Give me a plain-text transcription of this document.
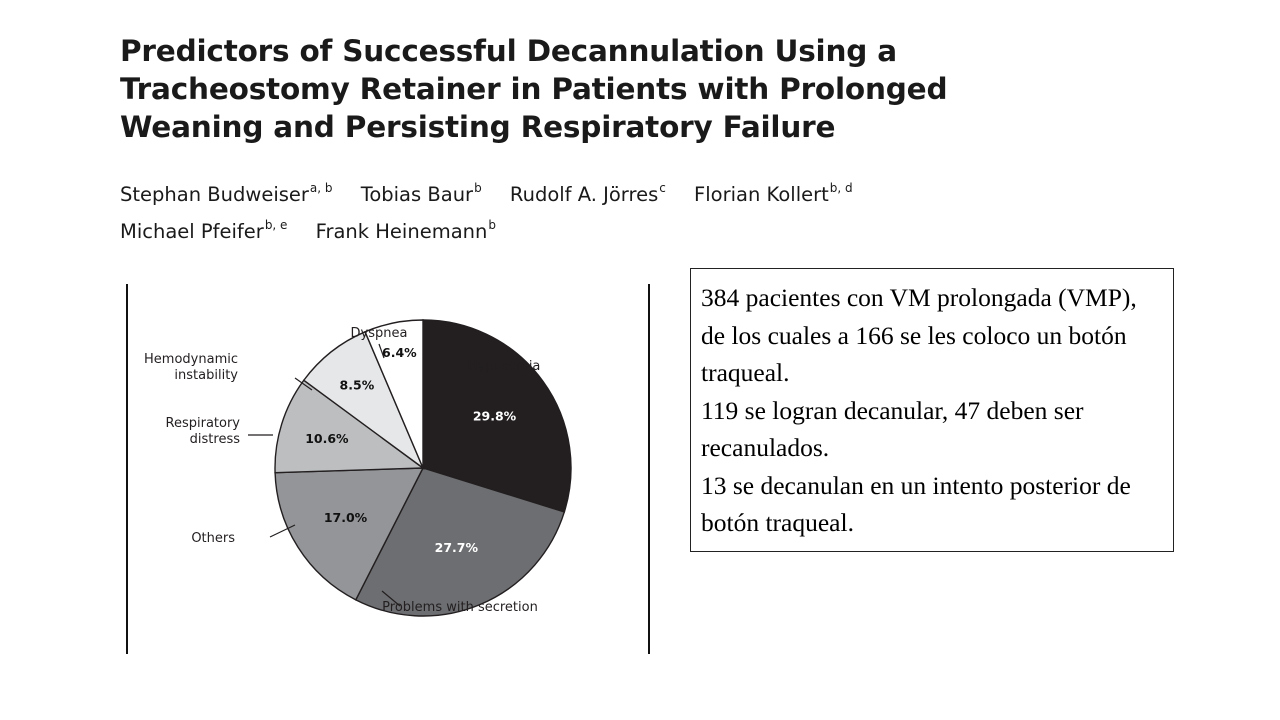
Predictors of Successful Decannulation Using a
Tracheostomy Retainer in Patients with Prolonged
Weaning and Persisting Respiratory Failure
Stephan Budweiser$^{a, b}$ Tobias Baur$^b$ Rudolf A. Jörres$^c$ Florian Kollert$^{b, d}$
Michael Pfeifer$^{b, e}$ Frank Heinemann$^b$
29.8%
27.7%
17.0%
10.6%
8.5%
6.4%
Hypoxemia
Problems with secretion
Others
Respiratory distress
Hemodynamic instability
Dyspnea

384 pacientes con VM prolongada (VMP), de los cuales a 166 se les coloco un botón traqueal.

119 se logran decanular, 47 deben ser recanulados.

13 se decanulan en un intento posterior de botón traqueal.
